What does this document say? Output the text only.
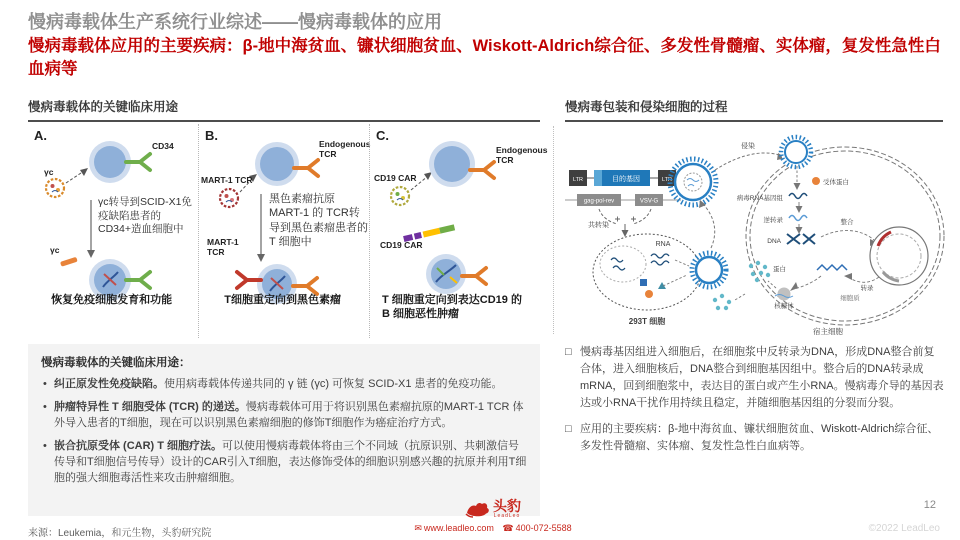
慢病毒载体生产系统行业综述——慢病毒载体的应用
慢病毒载体应用的主要疾病：β-地中海贫血、镰状细胞贫血、Wiskott-Aldrich综合征、多发性骨髓瘤、实体瘤，复发性急性白血病等
慢病毒载体的关键临床用途	慢病毒包装和侵染细胞的过程
A.
γc
CD34
γc转导到SCID-X1免疫缺陷患者的CD34+造血细胞中
γc
恢复免疫细胞发育和功能
B.
MART-1 TCR
Endogenous TCR
黑色素瘤抗原MART-1 的 TCR转导到黑色素瘤患者的 T 细胞中
MART-1 TCR
T细胞重定向到黑色素瘤
C.
CD19 CAR
Endogenous TCR
CD19 CAR
T 细胞重定向到表达CD19 的 B 细胞恶性肿瘤
慢病毒载体的关键临床用途：
• 纠正原发性免疫缺陷。使用病毒载体传递共同的 γ 链 (γc) 可恢复 SCID-X1 患者的免疫功能。
• 肿瘤特异性 T 细胞受体 (TCR) 的递送。慢病毒载体可用于将识别黑色素瘤抗原的MART-1 TCR 体外导入患者的T细胞，现在可以识别黑色素瘤细胞的修饰T细胞作为癌症治疗方式。
• 嵌合抗原受体 (CAR) T 细胞疗法。可以使用慢病毒载体将由三个不同域（抗原识别、共刺激信号传导和T细胞信号传导）设计的CAR引入T细胞，表达修饰受体的细胞识别感兴趣的抗原并利用T细胞的强大细胞毒活性来攻击肿瘤细胞。
LTR	目的基因	LTR
gag-pol-rev	VSV-G
共转染
RNA
293T 细胞
侵染
受体蛋白
病毒RNA基因组
逆转录
DNA
整合
转录
核糖体
蛋白
细胞质
宿主细胞
□ 慢病毒基因组进入细胞后，在细胞浆中反转录为DNA，形成DNA整合前复合体，进入细胞核后，DNA整合到细胞基因组中。整合后的DNA转录成mRNA，回到细胞浆中，表达目的蛋白或产生小RNA。慢病毒介导的基因表达或小RNA干扰作用持续且稳定，并随细胞基因组的分裂而分裂。
□ 应用的主要疾病：β-地中海贫血、镰状细胞贫血、Wiskott-Aldrich综合征、多发性骨髓瘤、实体瘤、复发性急性白血病等。
来源：Leukemia，和元生物，头豹研究院
头豹
LeadLeo
✉ www.leadleo.com ☎ 400-072-5588
12
©2022 LeadLeo
